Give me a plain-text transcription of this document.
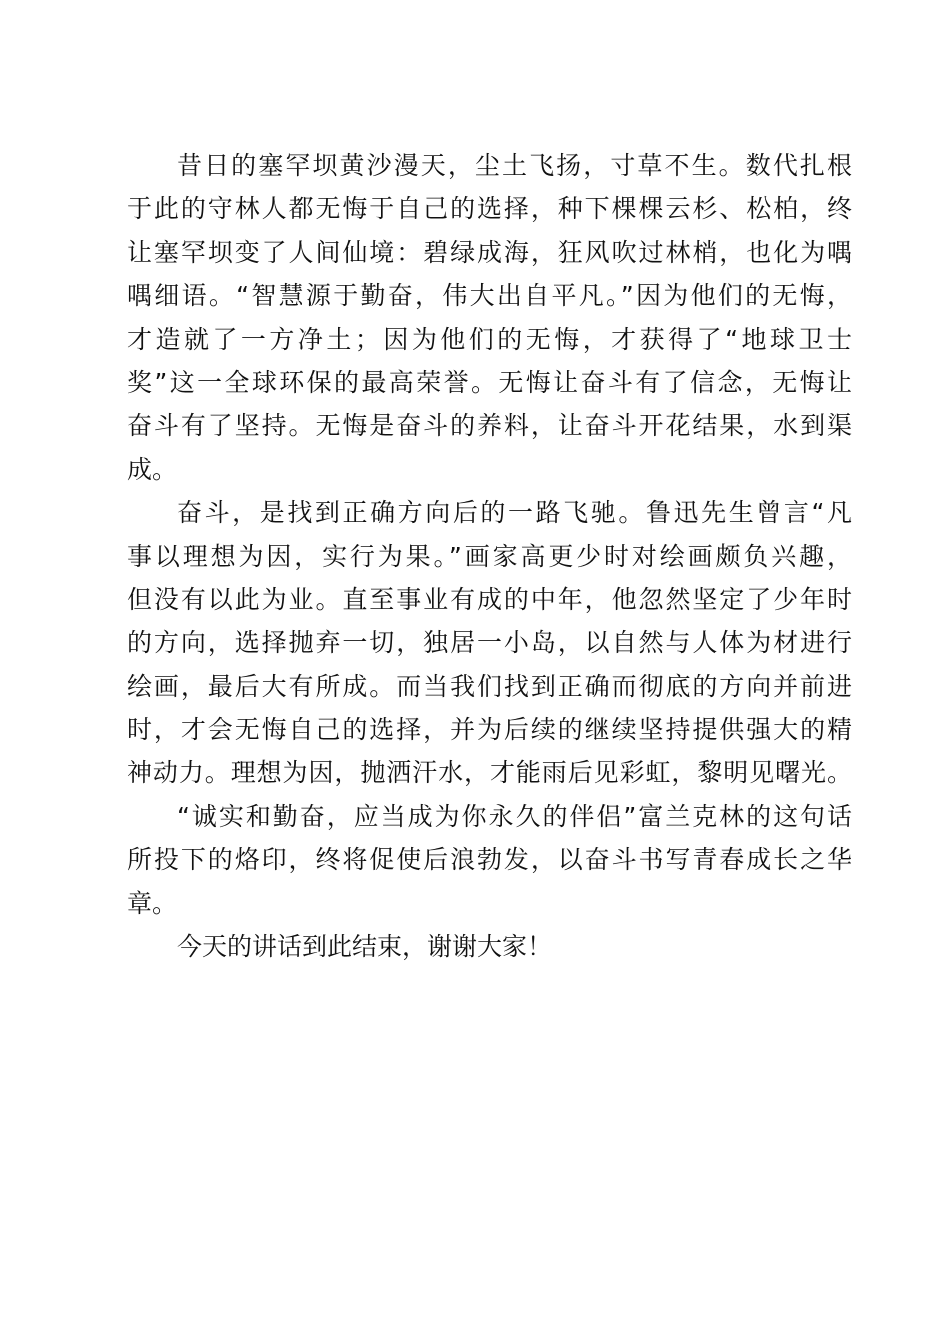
昔日的塞罕坝黄沙漫天，尘土飞扬，寸草不生。数代扎根
于此的守林人都无悔于自己的选择，种下棵棵云杉、松柏，终
让塞罕坝变了人间仙境：碧绿成海，狂风吹过林梢，也化为喁
喁细语。“智慧源于勤奋，伟大出自平凡。”因为他们的无悔，
才造就了一方净土；因为他们的无悔，才获得了“地球卫士
奖”这一全球环保的最高荣誉。无悔让奋斗有了信念，无悔让
奋斗有了坚持。无悔是奋斗的养料，让奋斗开花结果，水到渠
成。
奋斗，是找到正确方向后的一路飞驰。鲁迅先生曾言“凡
事以理想为因，实行为果。”画家高更少时对绘画颇负兴趣，
但没有以此为业。直至事业有成的中年，他忽然坚定了少年时
的方向，选择抛弃一切，独居一小岛，以自然与人体为材进行
绘画，最后大有所成。而当我们找到正确而彻底的方向并前进
时，才会无悔自己的选择，并为后续的继续坚持提供强大的精
神动力。理想为因，抛洒汗水，才能雨后见彩虹，黎明见曙光。
“诚实和勤奋，应当成为你永久的伴侣”富兰克林的这句话
所投下的烙印，终将促使后浪勃发，以奋斗书写青春成长之华
章。
今天的讲话到此结束，谢谢大家！
